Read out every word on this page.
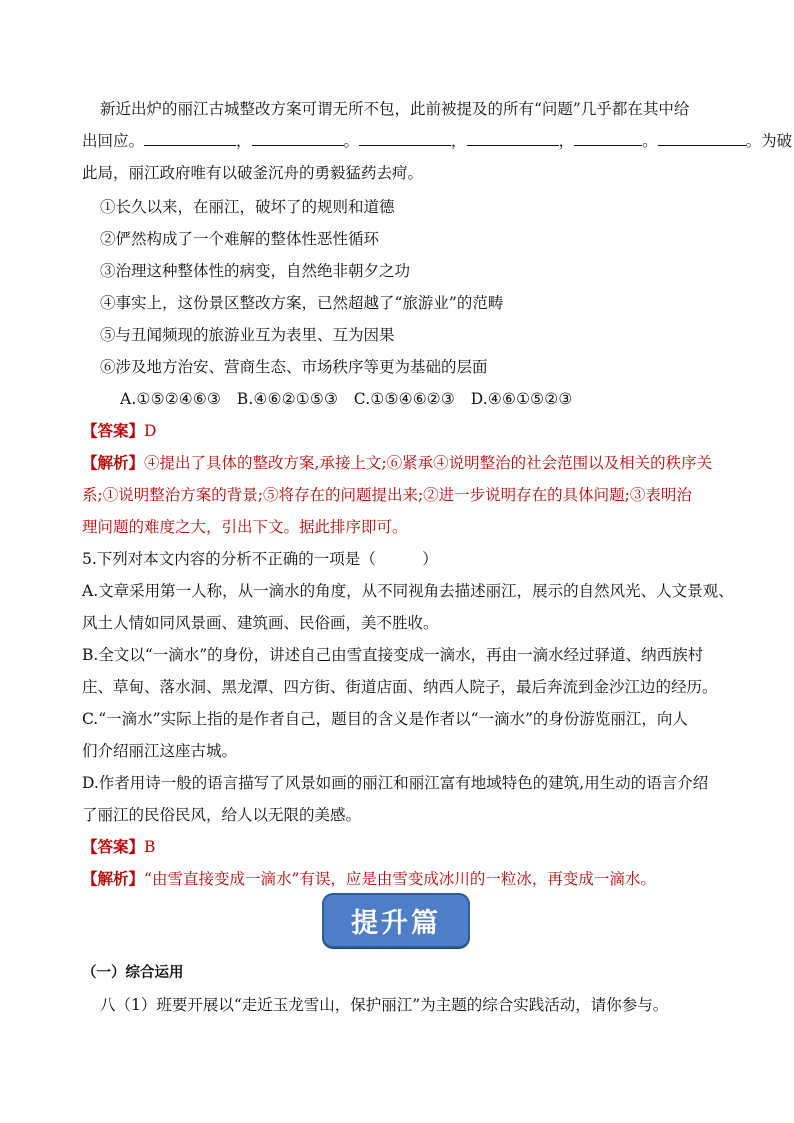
新近出炉的丽江古城整改方案可谓无所不包，此前被提及的所有“问题”几乎都在其中给
出回应。	，	。	，	，	。	。为破
此局，丽江政府唯有以破釜沉舟的勇毅猛药去疴。
①长久以来，在丽江，破坏了的规则和道德
②俨然构成了一个难解的整体性恶性循环
③治理这种整体性的病变，自然绝非朝夕之功
④事实上，这份景区整改方案，已然超越了“旅游业”的范畴
⑤与丑闻频现的旅游业互为表里、互为因果
⑥涉及地方治安、营商生态、市场秩序等更为基础的层面
A.①⑤②④⑥③　B.④⑥②①⑤③　C.①⑤④⑥②③　D.④⑥①⑤②③
【答案】D
【解析】④提出了具体的整改方案,承接上文;⑥紧承④说明整治的社会范围以及相关的秩序关
系;①说明整治方案的背景;⑤将存在的问题提出来;②进一步说明存在的具体问题;③表明治
理问题的难度之大，引出下文。据此排序即可。
5.下列对本文内容的分析不正确的一项是（　　　）
A.文章采用第一人称，从一滴水的角度，从不同视角去描述丽江，展示的自然风光、人文景观、
风土人情如同风景画、建筑画、民俗画，美不胜收。
B.全文以“一滴水”的身份，讲述自己由雪直接变成一滴水，再由一滴水经过驿道、纳西族村
庄、草甸、落水洞、黑龙潭、四方街、街道店面、纳西人院子，最后奔流到金沙江边的经历。
C.“一滴水”实际上指的是作者自己，题目的含义是作者以“一滴水”的身份游览丽江，向人
们介绍丽江这座古城。
D.作者用诗一般的语言描写了风景如画的丽江和丽江富有地域特色的建筑,用生动的语言介绍
了丽江的民俗民风，给人以无限的美感。
【答案】B
【解析】“由雪直接变成一滴水”有误，应是由雪变成冰川的一粒冰，再变成一滴水。
提升篇
（一）综合运用
八（1）班要开展以“走近玉龙雪山，保护丽江”为主题的综合实践活动，请你参与。
